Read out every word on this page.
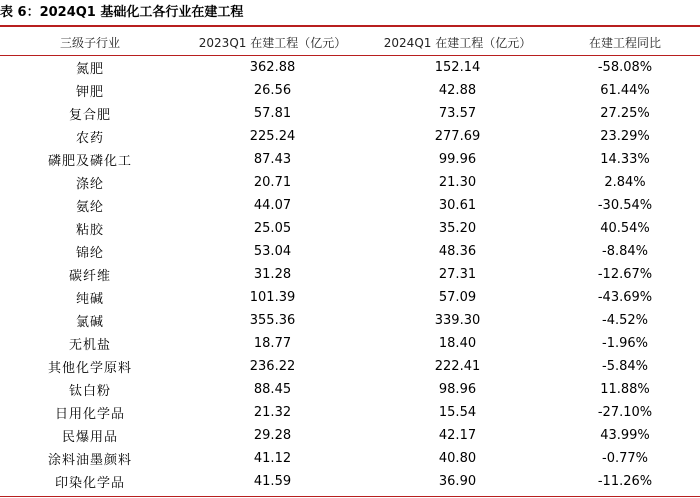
表 6：2024Q1 基础化工各行业在建工程
三级子行业	2023Q1 在建工程（亿元）	2024Q1 在建工程（亿元）	在建工程同比
氮肥	362.88	152.14	-58.08%
钾肥	26.56	42.88	61.44%
复合肥	57.81	73.57	27.25%
农药	225.24	277.69	23.29%
磷肥及磷化工	87.43	99.96	14.33%
涤纶	20.71	21.30	2.84%
氨纶	44.07	30.61	-30.54%
粘胶	25.05	35.20	40.54%
锦纶	53.04	48.36	-8.84%
碳纤维	31.28	27.31	-12.67%
纯碱	101.39	57.09	-43.69%
氯碱	355.36	339.30	-4.52%
无机盐	18.77	18.40	-1.96%
其他化学原料	236.22	222.41	-5.84%
钛白粉	88.45	98.96	11.88%
日用化学品	21.32	15.54	-27.10%
民爆用品	29.28	42.17	43.99%
涂料油墨颜料	41.12	40.80	-0.77%
印染化学品	41.59	36.90	-11.26%
